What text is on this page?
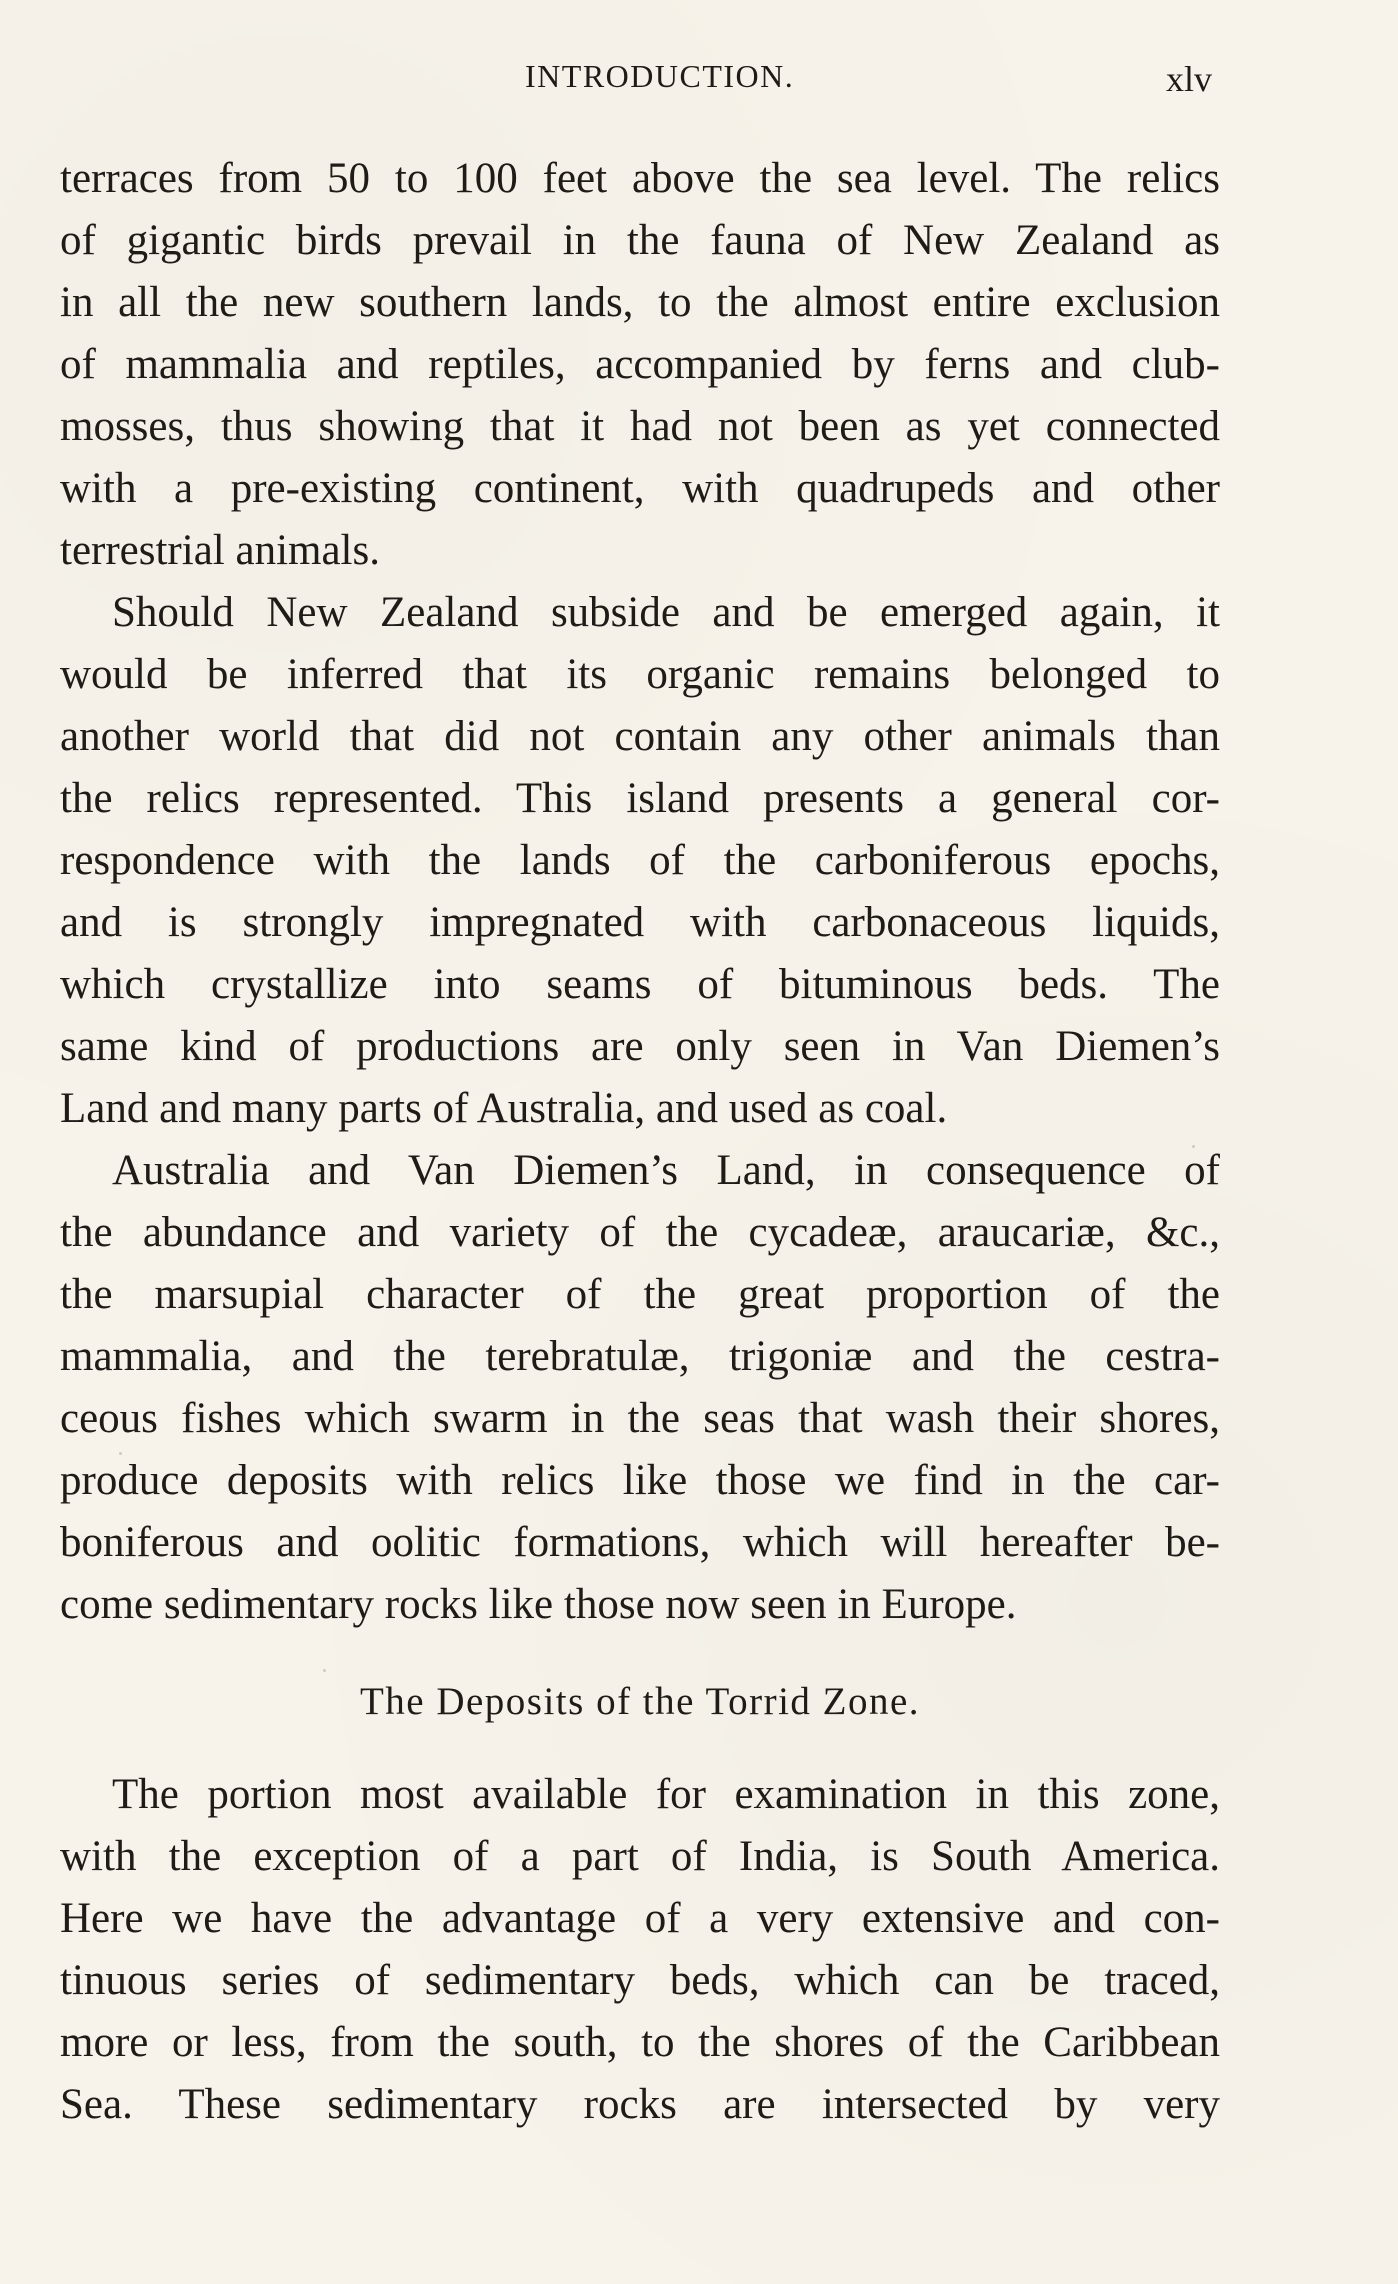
INTRODUCTION.	xlv
terraces from 50 to 100 feet above the sea level. The relics
of gigantic birds prevail in the fauna of New Zealand as
in all the new southern lands, to the almost entire exclusion
of mammalia and reptiles, accompanied by ferns and club-
mosses, thus showing that it had not been as yet connected
with a pre-existing continent, with quadrupeds and other
terrestrial animals.
Should New Zealand subside and be emerged again, it
would be inferred that its organic remains belonged to
another world that did not contain any other animals than
the relics represented. This island presents a general cor-
respondence with the lands of the carboniferous epochs,
and is strongly impregnated with carbonaceous liquids,
which crystallize into seams of bituminous beds. The
same kind of productions are only seen in Van Diemen’s
Land and many parts of Australia, and used as coal.
Australia and Van Diemen’s Land, in consequence of
the abundance and variety of the cycadeæ, araucariæ, &c.,
the marsupial character of the great proportion of the
mammalia, and the terebratulæ, trigoniæ and the cestra-
ceous fishes which swarm in the seas that wash their shores,
produce deposits with relics like those we find in the car-
boniferous and oolitic formations, which will hereafter be-
come sedimentary rocks like those now seen in Europe.
The Deposits of the Torrid Zone.
The portion most available for examination in this zone,
with the exception of a part of India, is South America.
Here we have the advantage of a very extensive and con-
tinuous series of sedimentary beds, which can be traced,
more or less, from the south, to the shores of the Caribbean
Sea. These sedimentary rocks are intersected by very
